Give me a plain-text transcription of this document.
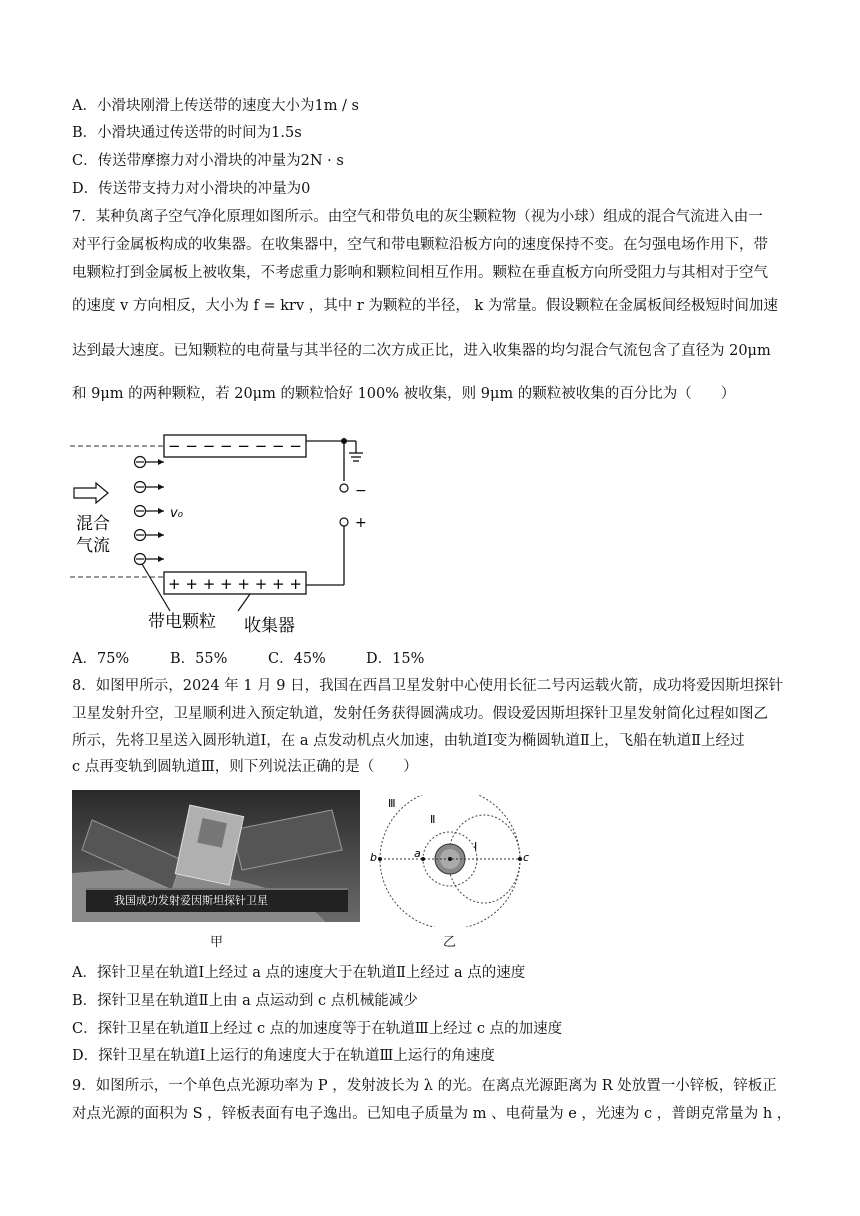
A．小滑块刚滑上传送带的速度大小为1m / s
B．小滑块通过传送带的时间为1.5s
C．传送带摩擦力对小滑块的冲量为2N · s
D．传送带支持力对小滑块的冲量为0
7．某种负离子空气净化原理如图所示。由空气和带负电的灰尘颗粒物（视为小球）组成的混合气流进入由一
对平行金属板构成的收集器。在收集器中，空气和带电颗粒沿板方向的速度保持不变。在匀强电场作用下，带
电颗粒打到金属板上被收集，不考虑重力影响和颗粒间相互作用。颗粒在垂直板方向所受阻力与其相对于空气
的速度 v 方向相反，大小为 f = krv ，其中 r 为颗粒的半径， k 为常量。假设颗粒在金属板间经极短时间加速
达到最大速度。已知颗粒的电荷量与其半径的二次方成正比，进入收集器的均匀混合气流包含了直径为 20μm
和 9μm 的两种颗粒，若 20μm 的颗粒恰好 100% 被收集，则 9μm 的颗粒被收集的百分比为（　　）
− − − − − − − −
+ + + + + + + +
−
+
混合
气流
v₀
带电颗粒 收集器
A．75%	B．55%	C．45%	D．15%
8．如图甲所示，2024 年 1 月 9 日，我国在西昌卫星发射中心使用长征二号丙运载火箭，成功将爱因斯坦探针
卫星发射升空，卫星顺利进入预定轨道，发射任务获得圆满成功。假设爱因斯坦探针卫星发射简化过程如图乙
所示，先将卫星送入圆形轨道Ⅰ，在 a 点发动机点火加速，由轨道Ⅰ变为椭圆轨道Ⅱ上，飞船在轨道Ⅱ上经过
c 点再变轨到圆轨道Ⅲ，则下列说法正确的是（　　）
我国成功发射爱因斯坦探针卫星
甲
Ⅲ
Ⅱ
Ⅰ
b	a	c
乙
A．探针卫星在轨道Ⅰ上经过 a 点的速度大于在轨道Ⅱ上经过 a 点的速度
B．探针卫星在轨道Ⅱ上由 a 点运动到 c 点机械能减少
C．探针卫星在轨道Ⅱ上经过 c 点的加速度等于在轨道Ⅲ上经过 c 点的加速度
D．探针卫星在轨道Ⅰ上运行的角速度大于在轨道Ⅲ上运行的角速度
9．如图所示，一个单色点光源功率为 P ，发射波长为 λ 的光。在离点光源距离为 R 处放置一小锌板，锌板正
对点光源的面积为 S ，锌板表面有电子逸出。已知电子质量为 m 、电荷量为 e ，光速为 c ，普朗克常量为 h ，
